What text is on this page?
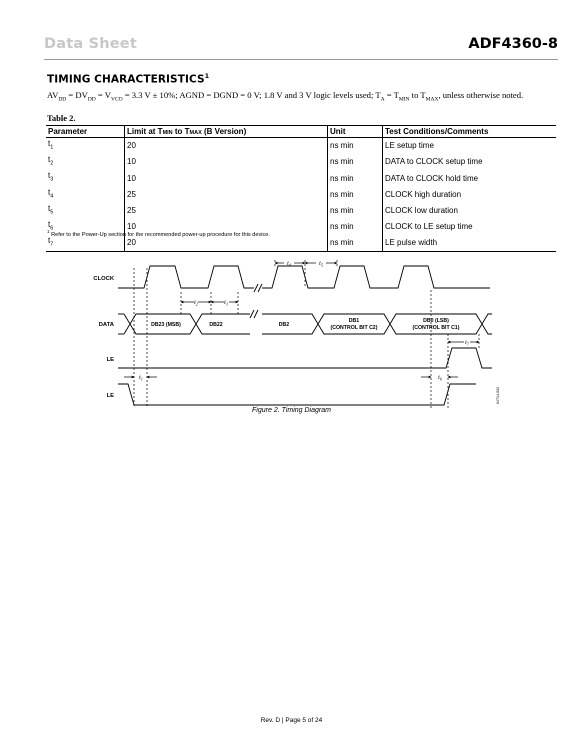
Data Sheet	ADF4360-8
TIMING CHARACTERISTICS$^1$
$AV_{DD} = DV_{DD} = V_{VCO} = 3.3$ V ± 10%; AGND = DGND = 0 V; 1.8 V and 3 V logic levels used; $T_A = T_{MIN}$ to $T_{MAX}$, unless otherwise noted.
Table 2.
Parameter	Limit at TMIN to TMAX (B Version)	Unit	Test Conditions/Comments
$t_1$	20	ns min	LE setup time
$t_2$	10	ns min	DATA to CLOCK setup time
$t_3$	10	ns min	DATA to CLOCK hold time
$t_4$	25	ns min	CLOCK high duration
$t_5$	25	ns min	CLOCK low duration
$t_6$	10	ns min	CLOCK to LE setup time
$t_7$	20	ns min	LE pulse width
$^1$ Refer to the Power-Up section for the recommended power-up procedure for this device.
CLOCK
DATA
LE
LE
DB23 (MSB)	DB22	DB2
DB1
(CONTROL BIT C2)
DB0 (LSB)
(CONTROL BIT C1)
$t_2$	$t_3$
$t_4$	$t_5$
$t_1$	$t_6$
$t_7$
04714-002
Figure 2. Timing Diagram
Rev. D | Page 5 of 24
